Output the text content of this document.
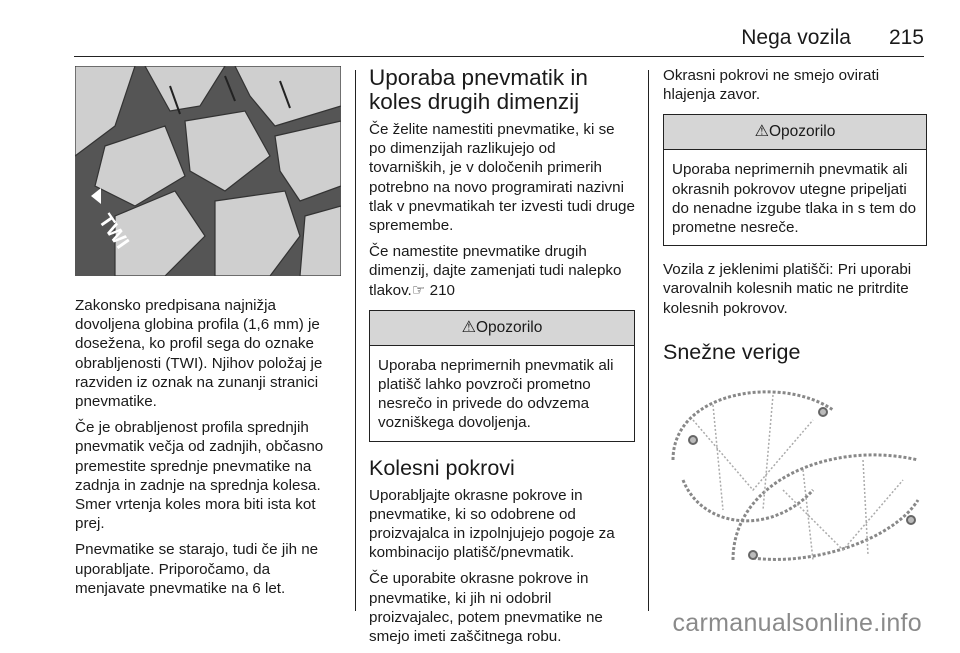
Nega vozila 215
TWI

Zakonsko predpisana najnižja dovoljena globina profila (1,6 mm) je dosežena, ko profil sega do oznake obrabljenosti (TWI). Njihov položaj je razviden iz oznak na zunanji stranici pnevmatike.

Če je obrabljenost profila sprednjih pnevmatik večja od zadnjih, občasno premestite sprednje pnevmatike na zadnja in zadnje na sprednja kolesa. Smer vrtenja koles mora biti ista kot prej.

Pnevmatike se starajo, tudi če jih ne uporabljate. Priporočamo, da menjavate pnevmatike na 6 let.

Uporaba pnevmatik in koles drugih dimenzij

Če želite namestiti pnevmatike, ki se po dimenzijah razlikujejo od tovarniških, je v določenih primerih potrebno na novo programirati nazivni tlak v pnevmatikah ter izvesti tudi druge spremembe.

Če namestite pnevmatike drugih dimenzij, dajte zamenjati tudi nalepko tlakov.☞ 210

⚠Opozorilo
Uporaba neprimernih pnevmatik ali platišč lahko povzroči prometno nesrečo in privede do odvzema vozniškega dovoljenja.
Kolesni pokrovi

Uporabljajte okrasne pokrove in pnevmatike, ki so odobrene od proizvajalca in izpolnjujejo pogoje za kombinacijo platišč/pnevmatik.

Če uporabite okrasne pokrove in pnevmatike, ki jih ni odobril proizvajalec, potem pnevmatike ne smejo imeti zaščitnega robu.

Okrasni pokrovi ne smejo ovirati hlajenja zavor.

⚠Opozorilo
Uporaba neprimernih pnevmatik ali okrasnih pokrovov utegne pripeljati do nenadne izgube tlaka in s tem do prometne nesreče.

Vozila z jeklenimi platišči: Pri uporabi varovalnih kolesnih matic ne pritrdite kolesnih pokrovov.

Snežne verige
carmanualsonline.info
